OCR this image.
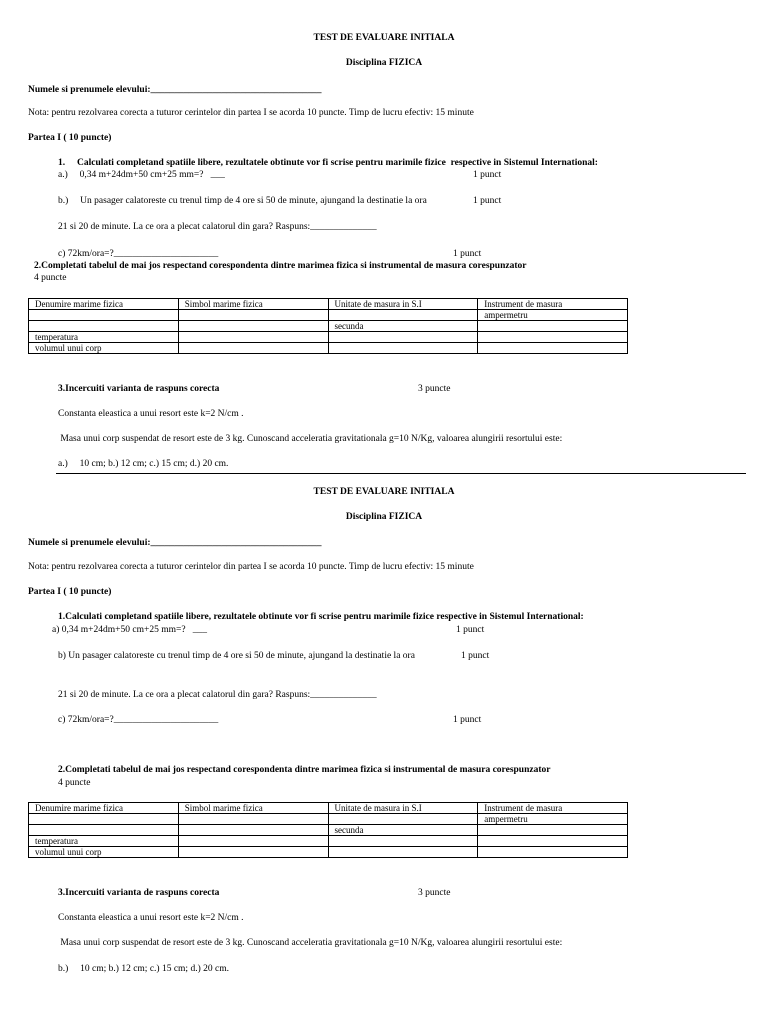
TEST DE EVALUARE INITIALA
Disciplina FIZICA
Numele si prenumele elevului:____________________________________
Nota: pentru rezolvarea corecta a tuturor cerintelor din partea I se acorda 10 puncte. Timp de lucru efectiv: 15 minute
Partea I ( 10 puncte)
1.     Calculati completand spatiile libere, rezultatele obtinute vor fi scrise pentru marimile fizice  respective in Sistemul International:
a.)     0,34 m+24dm+50 cm+25 mm=?   ___	1 punct
b.)     Un pasager calatoreste cu trenul timp de 4 ore si 50 de minute, ajungand la destinatie la ora	1 punct
21 si 20 de minute. La ce ora a plecat calatorul din gara? Raspuns:______________
c) 72km/ora=?______________________	1 punct
2.Completati tabelul de mai jos respectand corespondenta dintre marimea fizica si instrumental de masura corespunzator
4 puncte
Denumire marime fizica	Simbol marime fizica	Unitate de masura in S.I	Instrument de masura
			ampermetru
		secunda	
temperatura			
volumul unui corp			
3.Incercuiti varianta de raspuns corecta	3 puncte
Constanta eleastica a unui resort este k=2 N/cm .
Masa unui corp suspendat de resort este de 3 kg. Cunoscand acceleratia gravitationala g=10 N/Kg, valoarea alungirii resortului este:
a.)     10 cm; b.) 12 cm; c.) 15 cm; d.) 20 cm.
TEST DE EVALUARE INITIALA
Disciplina FIZICA
Numele si prenumele elevului:____________________________________
Nota: pentru rezolvarea corecta a tuturor cerintelor din partea I se acorda 10 puncte. Timp de lucru efectiv: 15 minute
Partea I ( 10 puncte)
1.Calculati completand spatiile libere, rezultatele obtinute vor fi scrise pentru marimile fizice respective in Sistemul International:
a) 0,34 m+24dm+50 cm+25 mm=?   ___	1 punct
b) Un pasager calatoreste cu trenul timp de 4 ore si 50 de minute, ajungand la destinatie la ora	1 punct
21 si 20 de minute. La ce ora a plecat calatorul din gara? Raspuns:______________
c) 72km/ora=?______________________	1 punct
2.Completati tabelul de mai jos respectand corespondenta dintre marimea fizica si instrumental de masura corespunzator
4 puncte
Denumire marime fizica	Simbol marime fizica	Unitate de masura in S.I	Instrument de masura
			ampermetru
		secunda	
temperatura			
volumul unui corp			
3.Incercuiti varianta de raspuns corecta	3 puncte
Constanta eleastica a unui resort este k=2 N/cm .
Masa unui corp suspendat de resort este de 3 kg. Cunoscand acceleratia gravitationala g=10 N/Kg, valoarea alungirii resortului este:
b.)     10 cm; b.) 12 cm; c.) 15 cm; d.) 20 cm.
